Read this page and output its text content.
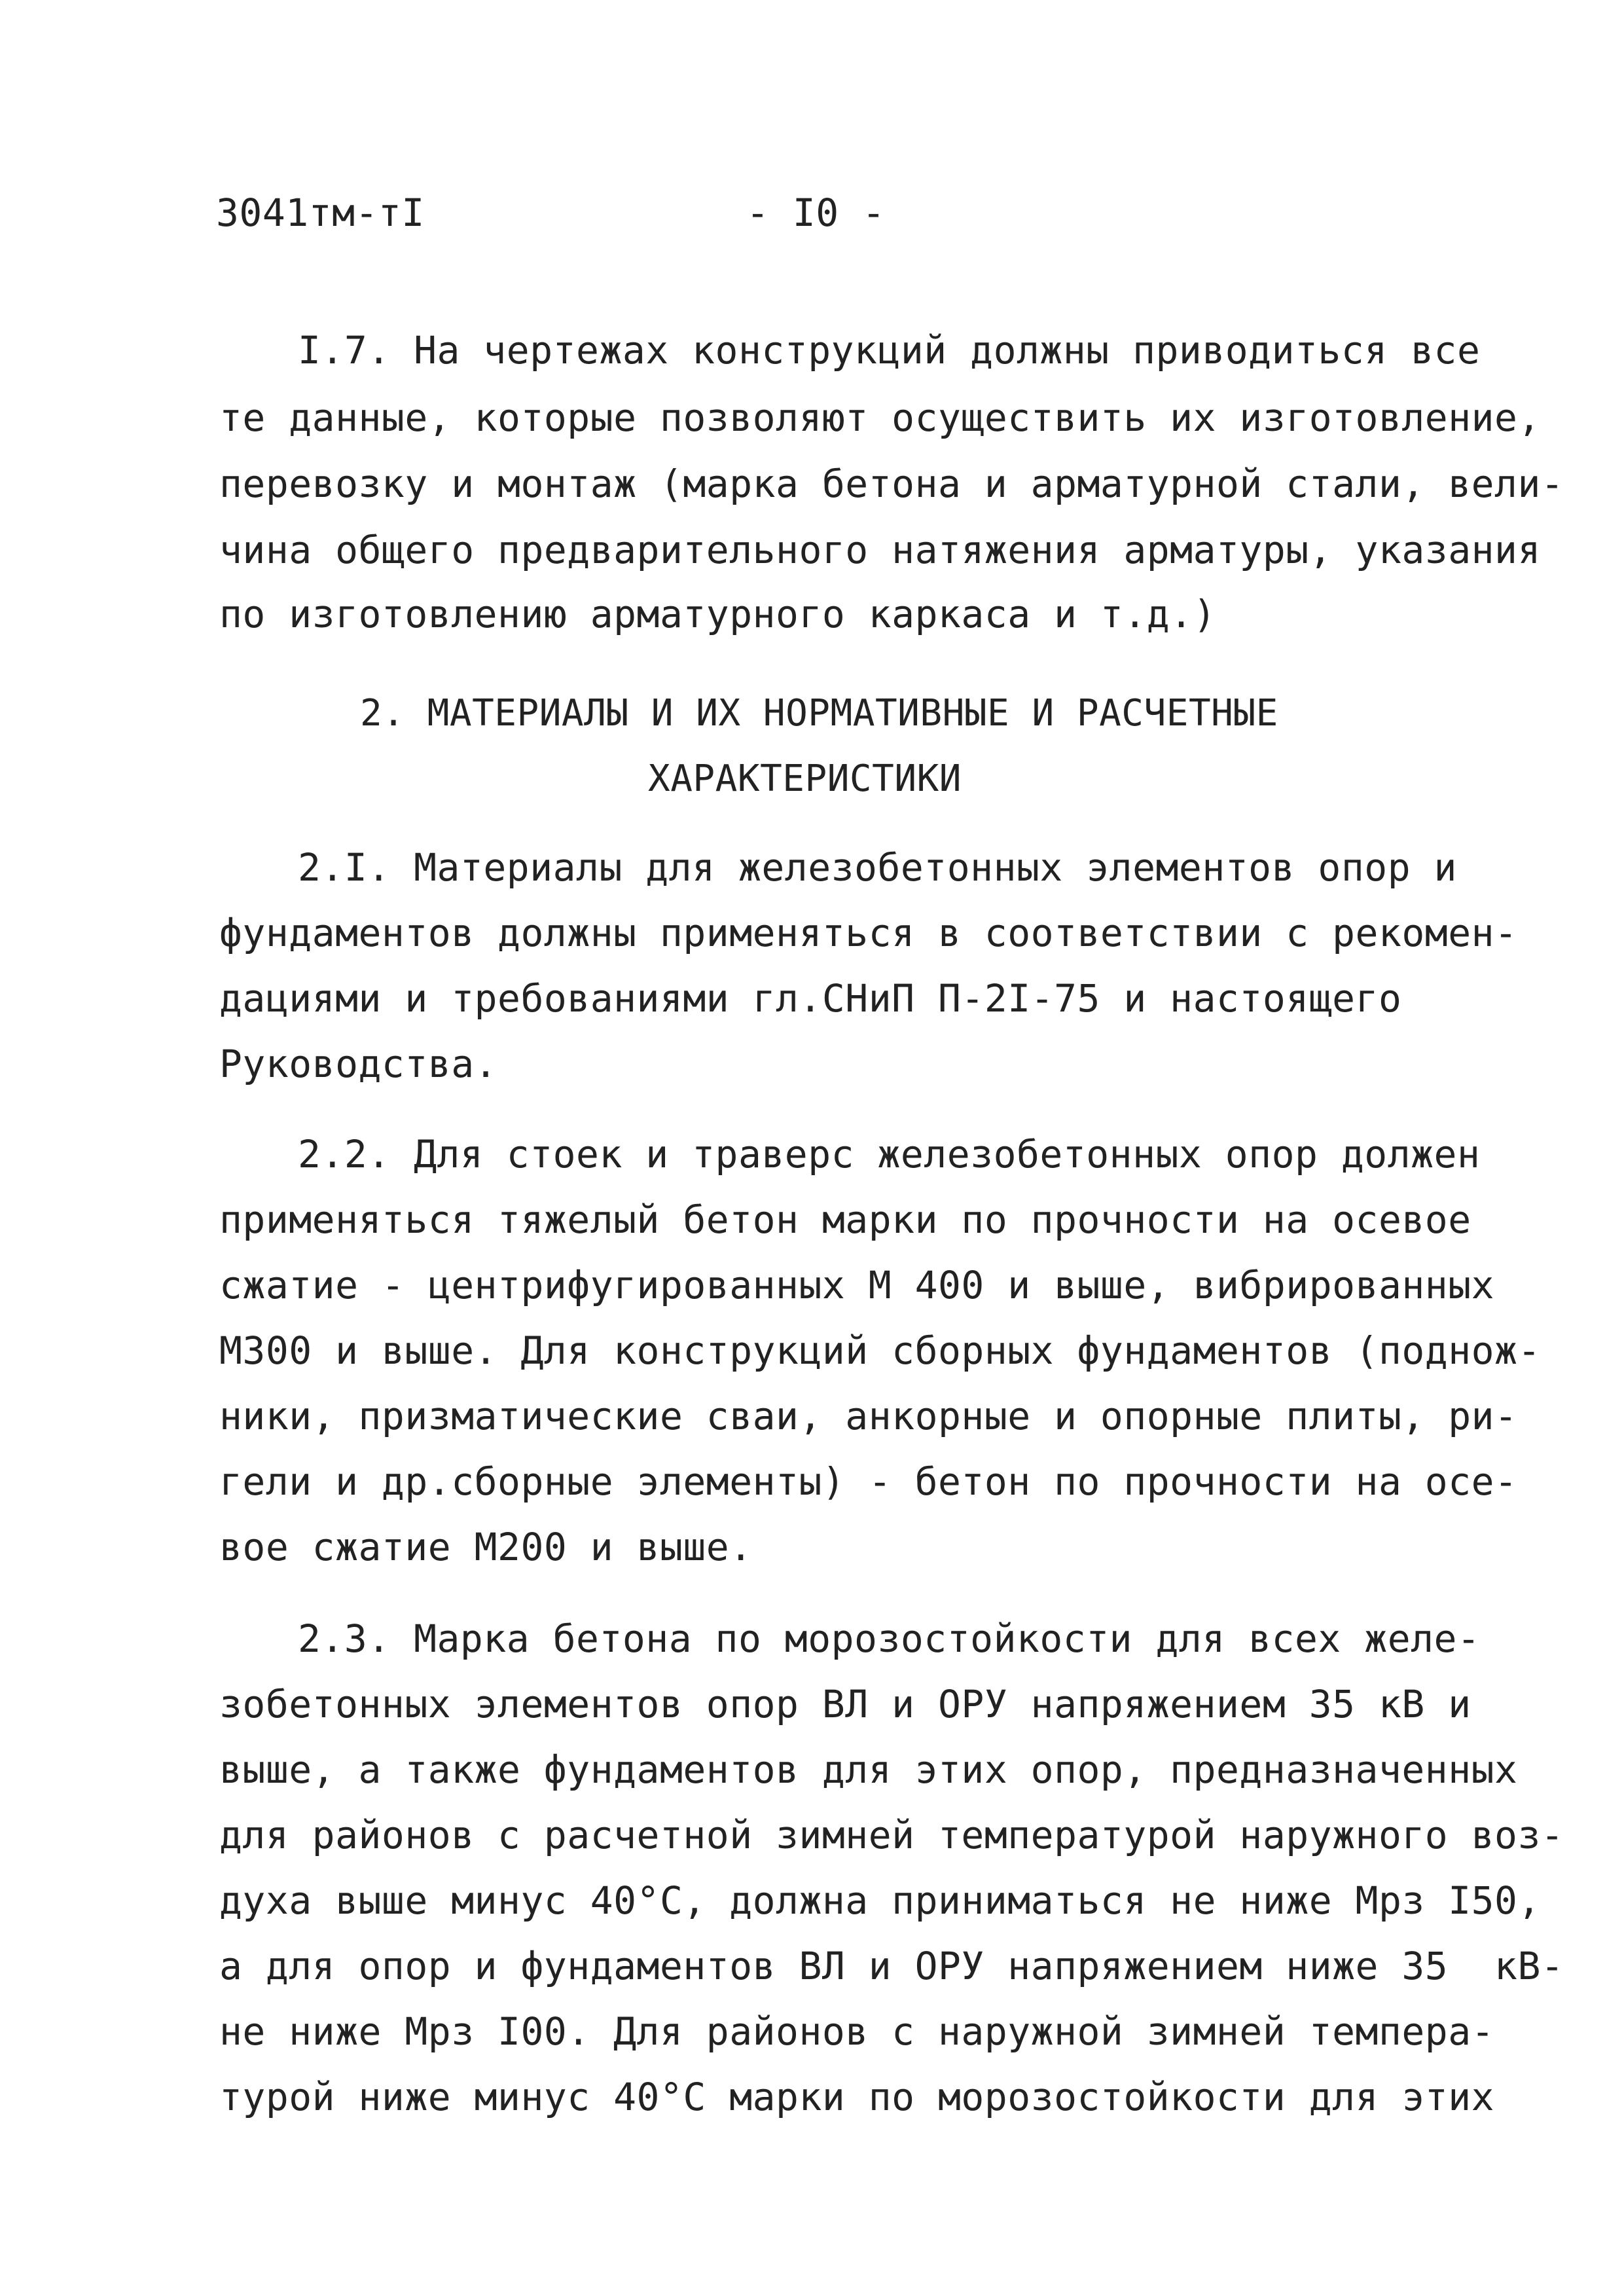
3041тм-тI	- I0 -
I.7. На чертежах конструкций должны приводиться все
те данные, которые позволяют осуществить их изготовление,
перевозку и монтаж (марка бетона и арматурной стали, вели-
чина общего предварительного натяжения арматуры, указания
по изготовлению арматурного каркаса и т.д.)
2. МАТЕРИАЛЫ И ИХ НОРМАТИВНЫЕ И РАСЧЕТНЫЕ
ХАРАКТЕРИСТИКИ
2.I. Материалы для железобетонных элементов опор и
фундаментов должны применяться в соответствии с рекомен-
дациями и требованиями гл.СНиП П-2I-75 и настоящего
Руководства.
2.2. Для стоек и траверс железобетонных опор должен
применяться тяжелый бетон марки по прочности на осевое
сжатие - центрифугированных М 400 и выше, вибрированных
М300 и выше. Для конструкций сборных фундаментов (поднож-
ники, призматические сваи, анкорные и опорные плиты, ри-
гели и др.сборные элементы) - бетон по прочности на осе-
вое сжатие М200 и выше.
2.3. Марка бетона по морозостойкости для всех желе-
зобетонных элементов опор ВЛ и ОРУ напряжением 35 кВ и
выше, а также фундаментов для этих опор, предназначенных
для районов с расчетной зимней температурой наружного воз-
духа выше минус 40°С, должна приниматься не ниже Мрз I50,
а для опор и фундаментов ВЛ и ОРУ напряжением ниже 35  кВ-
не ниже Мрз I00. Для районов с наружной зимней темпера-
турой ниже минус 40°С марки по морозостойкости для этих
